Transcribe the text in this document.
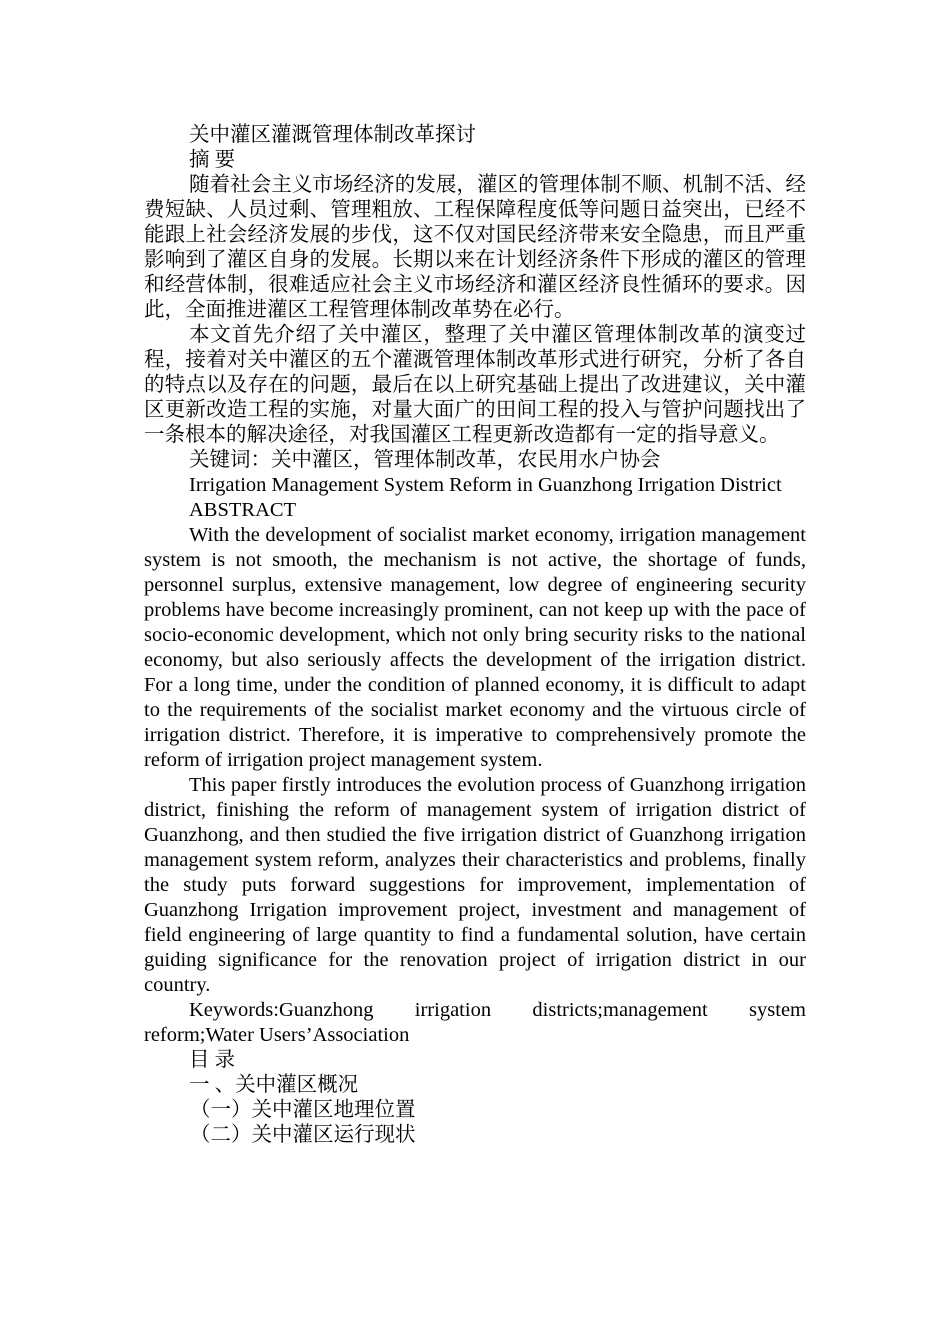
关中灌区灌溉管理体制改革探讨

摘 要

随着社会主义市场经济的发展，灌区的管理体制不顺、机制不活、经费短缺、人员过剩、管理粗放、工程保障程度低等问题日益突出，已经不能跟上社会经济发展的步伐，这不仅对国民经济带来安全隐患，而且严重影响到了灌区自身的发展。长期以来在计划经济条件下形成的灌区的管理和经营体制，很难适应社会主义市场经济和灌区经济良性循环的要求。因此，全面推进灌区工程管理体制改革势在必行。

本文首先介绍了关中灌区，整理了关中灌区管理体制改革的演变过程，接着对关中灌区的五个灌溉管理体制改革形式进行研究，分析了各自的特点以及存在的问题，最后在以上研究基础上提出了改进建议，关中灌区更新改造工程的实施，对量大面广的田间工程的投入与管护问题找出了一条根本的解决途径，对我国灌区工程更新改造都有一定的指导意义。

关键词：关中灌区，管理体制改革，农民用水户协会

Irrigation Management System Reform in Guanzhong Irrigation District

ABSTRACT

With the development of socialist market economy, irrigation management system is not smooth, the mechanism is not active, the shortage of funds, personnel surplus, extensive management, low degree of engineering security problems have become increasingly prominent, can not keep up with the pace of socio-economic development, which not only bring security risks to the national economy, but also seriously affects the development of the irrigation district. For a long time, under the condition of planned economy, it is difficult to adapt to the requirements of the socialist market economy and the virtuous circle of irrigation district. Therefore, it is imperative to comprehensively promote the reform of irrigation project management system.

This paper firstly introduces the evolution process of Guanzhong irrigation district, finishing the reform of management system of irrigation district of Guanzhong, and then studied the five irrigation district of Guanzhong irrigation management system reform, analyzes their characteristics and problems, finally the study puts forward suggestions for improvement, implementation of Guanzhong Irrigation improvement project, investment and management of field engineering of large quantity to find a fundamental solution, have certain guiding significance for the renovation project of irrigation district in our country.

Keywords:Guanzhong irrigation districts;management system reform;Water Users’Association

目 录

一 、关中灌区概况

（一）关中灌区地理位置

（二）关中灌区运行现状
